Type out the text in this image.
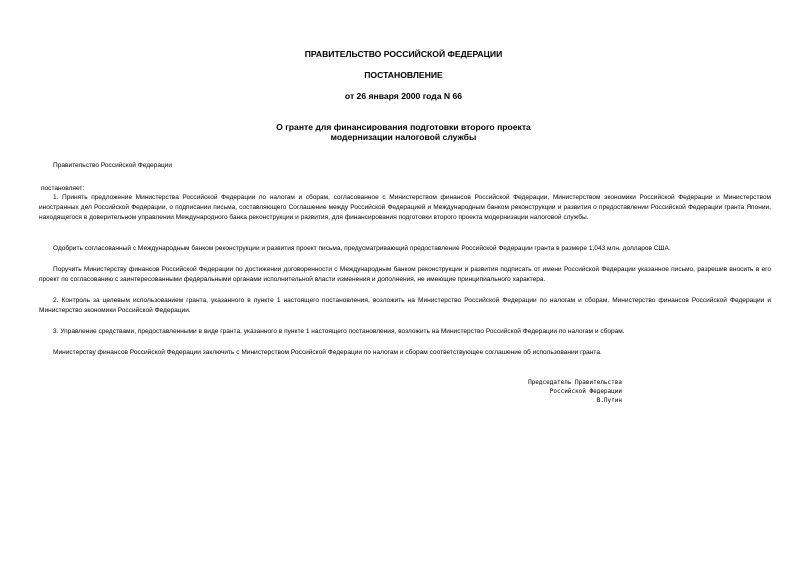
ПРАВИТЕЛЬСТВО РОССИЙСКОЙ ФЕДЕРАЦИИ
ПОСТАНОВЛЕНИЕ
от 26 января 2000 года N 66
О гранте для финансирования подготовки второго проекта
модернизации налоговой службы
Правительство Российской Федерации
постановляет:

1. Принять предложение Министерства Российской Федерации по налогам и сборам, согласованное с Министерством финансов Российской Федерации, Министерством экономики Российской Федерации и Министерством иностранных дел Российской Федерации, о подписании письма, составляющего Соглашение между Российской Федерацией и Международным банком реконструкции и развития о предоставлении Российской Федерации гранта Японии, находящегося в доверительном управлении Международного банка реконструкции и развития, для финансирования подготовки второго проекта модернизации налоговой службы.

Одобрить согласованный с Международным банком реконструкции и развития проект письма, предусматривающий предоставление Российской Федерации гранта в размере 1,043 млн. долларов США.

Поручить Министерству финансов Российской Федерации по достижении договоренности с Международным банком реконструкции и развития подписать от имени Российской Федерации указанное письмо, разрешив вносить в его проект по согласованию с заинтересованными федеральными органами исполнительной власти изменения и дополнения, не имеющие принципиального характера.

2. Контроль за целевым использованием гранта, указанного в пункте 1 настоящего постановления, возложить на Министерство Российской Федерации по налогам и сборам, Министерство финансов Российской Федерации и Министерство экономики Российской Федерации.

3. Управление средствами, предоставленными в виде гранта, указанного в пункте 1 настоящего постановления, возложить на Министерство Российской Федерации по налогам и сборам.

Министерству финансов Российской Федерации заключить с Министерством Российской Федерации по налогам и сборам соответствующее соглашение об использовании гранта.

Председатель Правительства
Российской Федерации
В.Путин
